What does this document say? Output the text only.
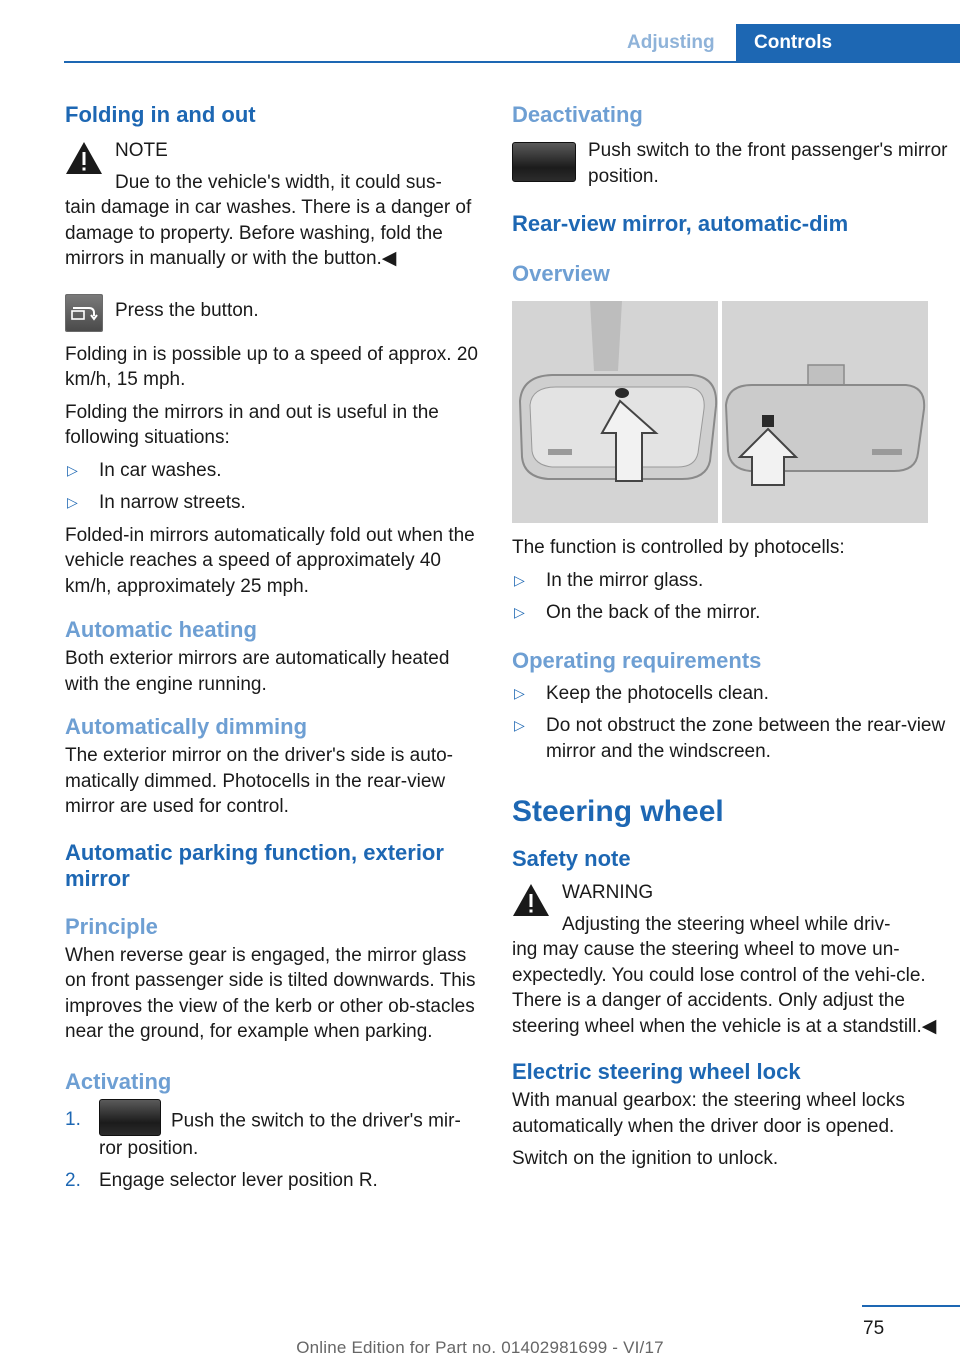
Adjusting	Controls
Folding in and out

NOTE

Due to the vehicle's width, it could sus-

tain damage in car washes. There is a danger of damage to property. Before washing, fold the mirrors in manually or with the button.◀

Press the button.

Folding in is possible up to a speed of approx. 20 km/h, 15 mph.

Folding the mirrors in and out is useful in the following situations:

▷ In car washes.
▷ In narrow streets.

Folded-in mirrors automatically fold out when the vehicle reaches a speed of approximately 40 km/h, approximately 25 mph.

Automatic heating

Both exterior mirrors are automatically heated with the engine running.

Automatically dimming

The exterior mirror on the driver's side is auto-matically dimmed. Photocells in the rear-view mirror are used for control.

Automatic parking function, exterior mirror
Principle

When reverse gear is engaged, the mirror glass on front passenger side is tilted downwards. This improves the view of the kerb or other ob-stacles near the ground, for example when parking.

Activating
1.	Push the switch to the driver's mir-ror position.
2. Engage selector lever position R.
Deactivating

Push switch to the front passenger's mirror position.

Rear-view mirror, automatic-dim
Overview

The function is controlled by photocells:

▷ In the mirror glass.
▷ On the back of the mirror.
Operating requirements
▷ Keep the photocells clean.
▷ Do not obstruct the zone between the rear-view mirror and the windscreen.
Steering wheel
Safety note

WARNING

Adjusting the steering wheel while driv-

ing may cause the steering wheel to move un-expectedly. You could lose control of the vehi-cle. There is a danger of accidents. Only adjust the steering wheel when the vehicle is at a standstill.◀

Electric steering wheel lock

With manual gearbox: the steering wheel locks automatically when the driver door is opened.

Switch on the ignition to unlock.

75
Online Edition for Part no. 01402981699 - VI/17
